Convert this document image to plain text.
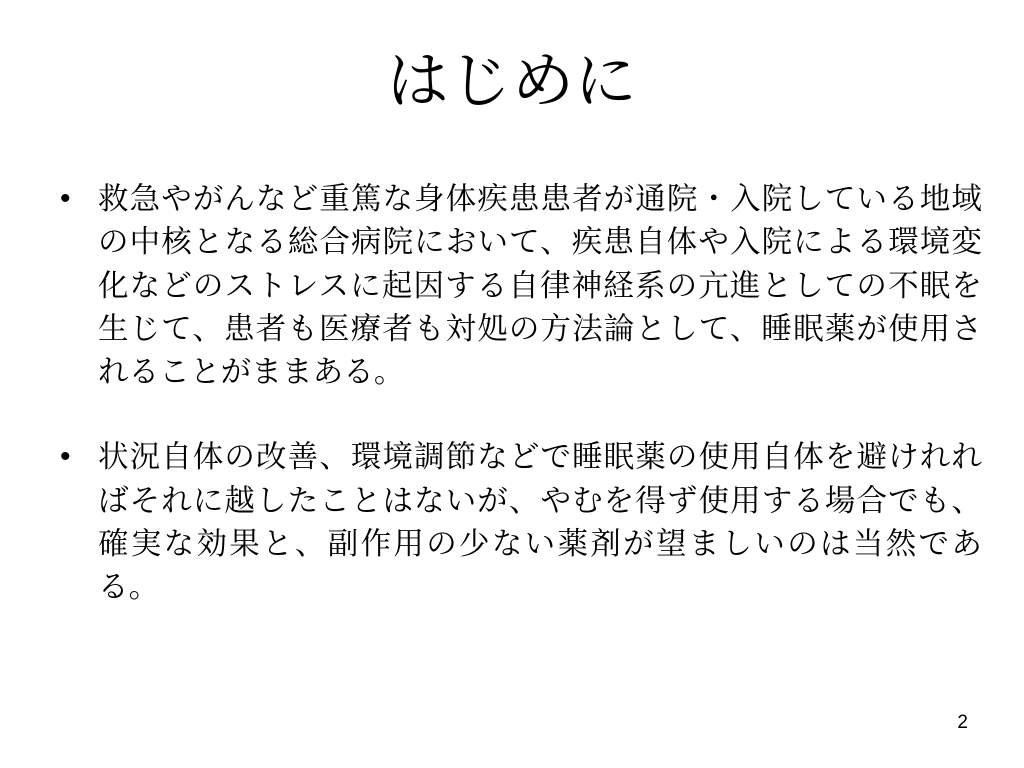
はじめに
• 救急やがんなど重篤な身体疾患患者が通院・入院している地域の中核となる総合病院において、疾患自体や入院による環境変化などのストレスに起因する自律神経系の亢進としての不眠を生じて、患者も医療者も対処の方法論として、睡眠薬が使用されることがままある。
• 状況自体の改善、環境調節などで睡眠薬の使用自体を避けれればそれに越したことはないが、やむを得ず使用する場合でも、確実な効果と、副作用の少ない薬剤が望ましいのは当然である。
2
